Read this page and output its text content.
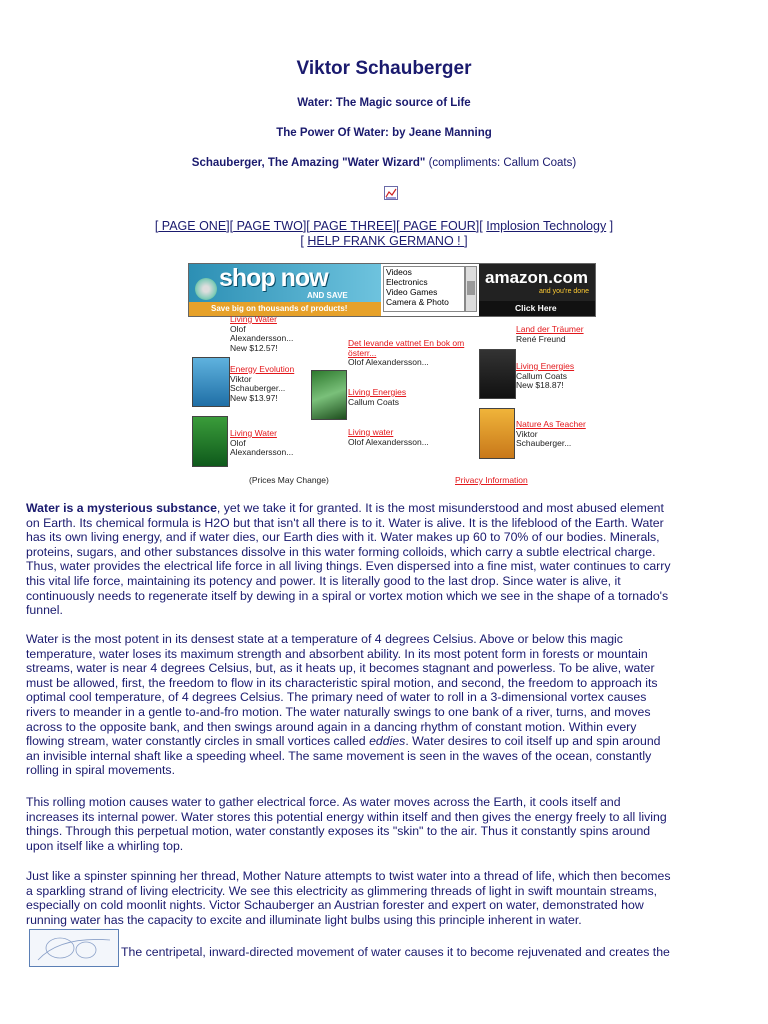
Viktor Schauberger
Water: The Magic source of Life
The Power Of Water: by Jeane Manning
Schauberger, The Amazing "Water Wizard" (compliments: Callum Coats)
[ PAGE ONE][ PAGE TWO][ PAGE THREE][ PAGE FOUR][ Implosion Technology ]
[ HELP FRANK GERMANO ! ]
shop now
AND SAVE
Save big on thousands of products!
Videos
Electronics
Video Games
Camera & Photo
amazon.com
and you're done
Click Here
Living Water
Olof
Alexandersson...
New $12.57!
Energy Evolution
Viktor
Schauberger...
New $13.97!
Living Water
Olof
Alexandersson...
Det levande vattnet En bok om
österr...
Olof Alexandersson...
Living Energies
Callum Coats
Living water
Olof Alexandersson...
Land der Träumer
René Freund
Living Energies
Callum Coats
New $18.87!
Nature As Teacher
Viktor
Schauberger...
(Prices May Change)	Privacy Information
Water is a mysterious substance, yet we take it for granted. It is the most misunderstood and most abused element
on Earth. Its chemical formula is H2O but that isn't all there is to it. Water is alive. It is the lifeblood of the Earth. Water
has its own living energy, and if water dies, our Earth dies with it. Water makes up 60 to 70% of our bodies. Minerals,
proteins, sugars, and other substances dissolve in this water forming colloids, which carry a subtle electrical charge.
Thus, water provides the electrical life force in all living things. Even dispersed into a fine mist, water continues to carry
this vital life force, maintaining its potency and power. It is literally good to the last drop. Since water is alive, it
continuously needs to regenerate itself by dewing in a spiral or vortex motion which we see in the shape of a tornado's
funnel.
Water is the most potent in its densest state at a temperature of 4 degrees Celsius. Above or below this magic
temperature, water loses its maximum strength and absorbent ability. In its most potent form in forests or mountain
streams, water is near 4 degrees Celsius, but, as it heats up, it becomes stagnant and powerless. To be alive, water
must be allowed, first, the freedom to flow in its characteristic spiral motion, and second, the freedom to approach its
optimal cool temperature, of 4 degrees Celsius. The primary need of water to roll in a 3-dimensional vortex causes
rivers to meander in a gentle to-and-fro motion. The water naturally swings to one bank of a river, turns, and moves
across to the opposite bank, and then swings around again in a dancing rhythm of constant motion. Within every
flowing stream, water constantly circles in small vortices called eddies. Water desires to coil itself up and spin around
an invisible internal shaft like a speeding wheel. The same movement is seen in the waves of the ocean, constantly
rolling in spiral movements.
This rolling motion causes water to gather electrical force. As water moves across the Earth, it cools itself and
increases its internal power. Water stores this potential energy within itself and then gives the energy freely to all living
things. Through this perpetual motion, water constantly exposes its "skin" to the air. Thus it constantly spins around
upon itself like a whirling top.
Just like a spinster spinning her thread, Mother Nature attempts to twist water into a thread of life, which then becomes
a sparkling strand of living electricity. We see this electricity as glimmering threads of light in swift mountain streams,
especially on cold moonlit nights. Victor Schauberger an Austrian forester and expert on water, demonstrated how
running water has the capacity to excite and illuminate light bulbs using this principle inherent in water.
The centripetal, inward-directed movement of water causes it to become rejuvenated and creates the
